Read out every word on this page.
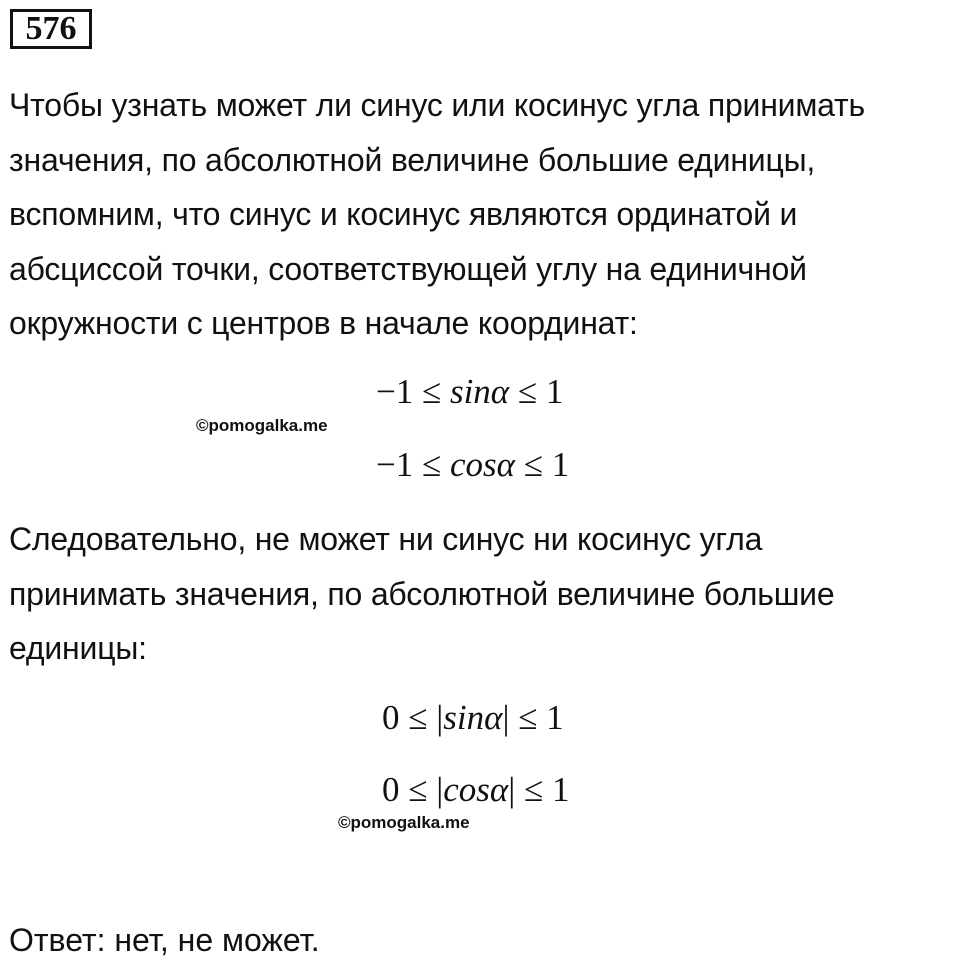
576
Чтобы узнать может ли синус или косинус угла принимать
значения, по абсолютной величине большие единицы,
вспомним, что синус и косинус являются ординатой и
абсциссой точки, соответствующей углу на единичной
окружности с центров в начале координат:
−1 ≤ sinα ≤ 1
©pomogalka.me
−1 ≤ cosα ≤ 1
Следовательно, не может ни синус ни косинус угла
принимать значения, по абсолютной величине большие
единицы:
0 ≤ |sinα| ≤ 1
0 ≤ |cosα| ≤ 1
©pomogalka.me
Ответ: нет, не может.
